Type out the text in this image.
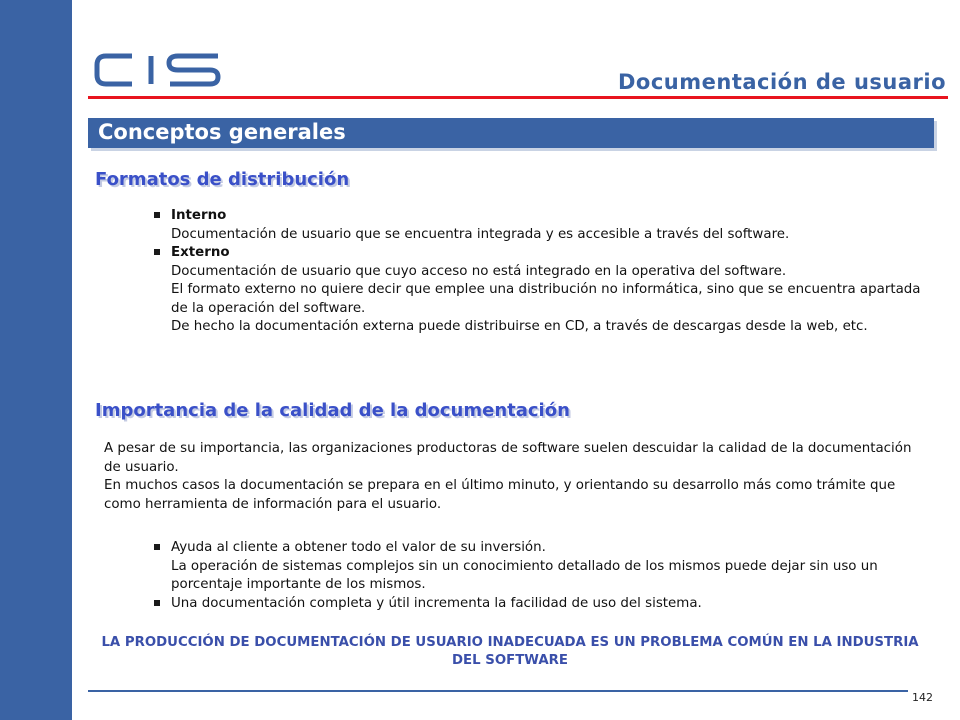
Documentación de usuario
Conceptos generales
Formatos de distribución
Interno
Documentación de usuario que se encuentra integrada y es accesible a través del software.
Externo
Documentación de usuario que cuyo acceso no está integrado en la operativa del software.
El formato externo no quiere decir que emplee una distribución no informática, sino que se encuentra apartada de la operación del software.
De hecho la documentación externa puede distribuirse en CD, a través de descargas desde la web, etc.
Importancia de la calidad de la documentación
A pesar de su importancia, las organizaciones productoras de software suelen descuidar la calidad de la documentación de usuario.
En muchos casos la documentación se prepara en el último minuto, y orientando su desarrollo más como trámite que como herramienta de información para el usuario.
Ayuda al cliente a obtener todo el valor de su inversión.
La operación de sistemas complejos sin un conocimiento detallado de los mismos puede dejar sin uso un porcentaje importante de los mismos.
Una documentación completa y útil incrementa la facilidad de uso del sistema.
LA PRODUCCIÓN DE DOCUMENTACIÓN DE USUARIO INADECUADA ES UN PROBLEMA COMÚN EN LA INDUSTRIA DEL SOFTWARE
142
